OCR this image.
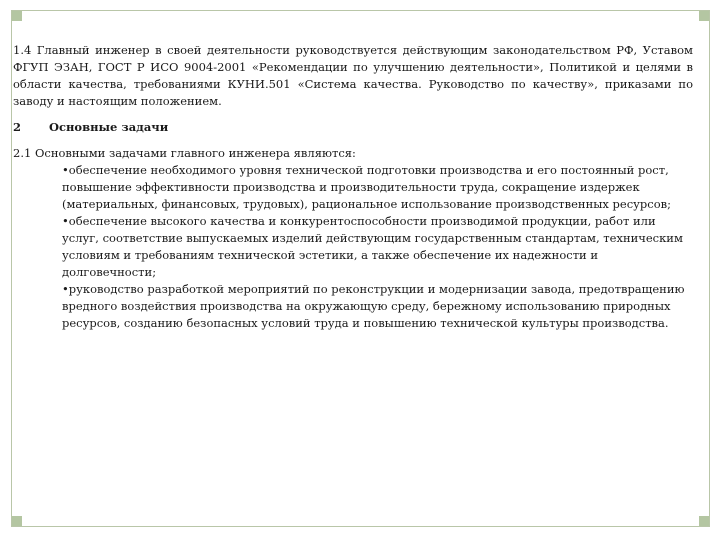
1.4 Главный инженер в своей деятельности руководствуется действующим законодательством РФ, Уставом ФГУП ЭЗАН, ГОСТ Р ИСО 9004-2001 «Рекомендации по улучшению деятельности», Политикой и целями в области качества, требованиями КУНИ.501 «Система качества. Руководство по качеству», приказами по заводу и настоящим положением.

2	Основные задачи

2.1 Основными задачами главного инженера являются:

•обеспечение необходимого уровня технической подготовки производства и его постоянный рост, повышение эффективности производства и производительности труда, сокращение издержек (материальных, финансовых, трудовых), рациональное использование производственных ресурсов;
•обеспечение высокого качества и конкурентоспособности производимой продукции, работ или услуг, соответствие выпускаемых изделий действующим государственным стандартам, техническим условиям и требованиям технической эстетики, а также обеспечение их надежности и долговечности;
•руководство разработкой мероприятий по реконструкции и модернизации завода, предотвращению вредного воздействия производства на окружающую среду, бережному использованию природных ресурсов, созданию безопасных условий труда и повышению технической культуры производства.
